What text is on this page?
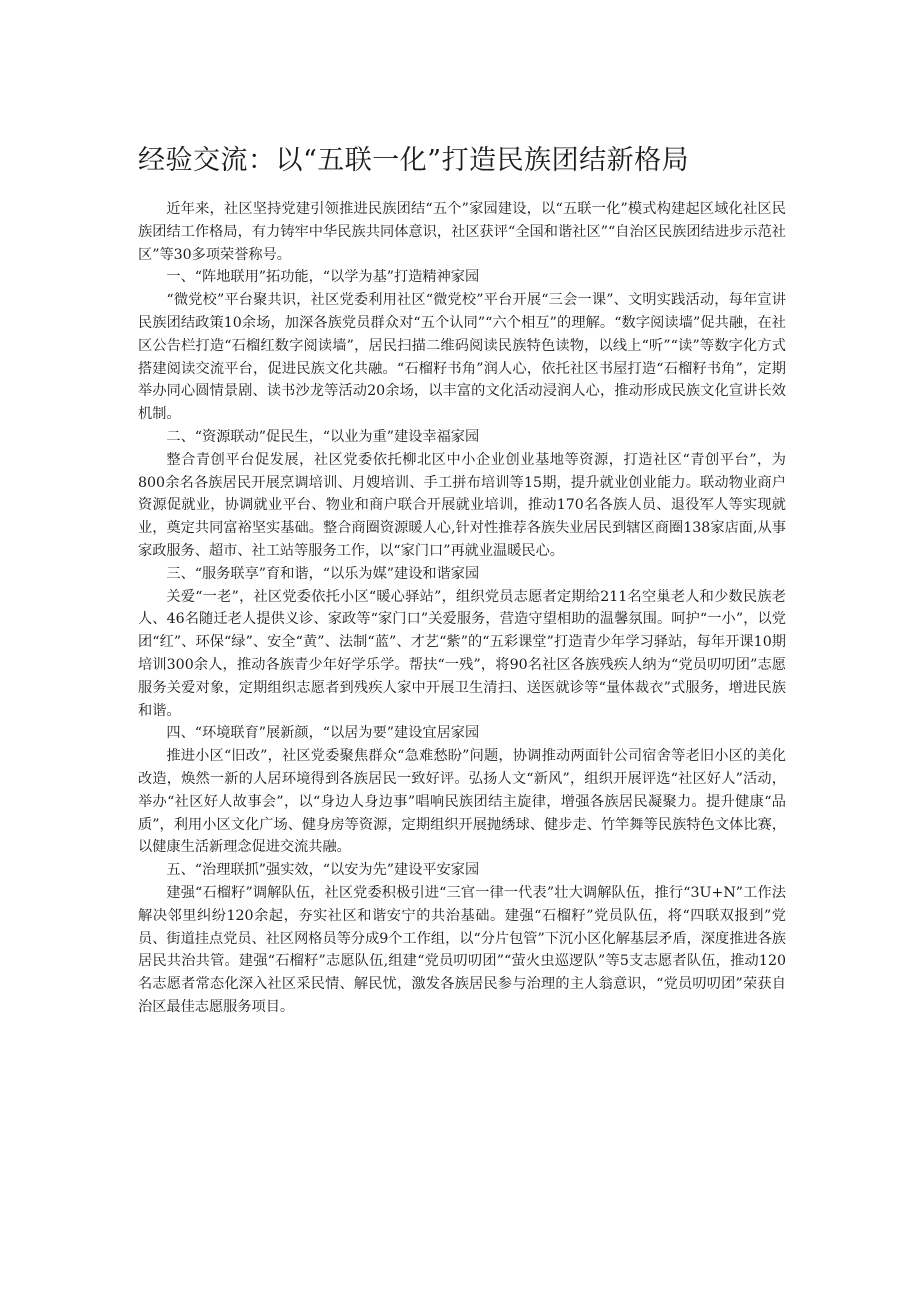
经验交流：以“五联一化”打造民族团结新格局

近年来，社区坚持党建引领推进民族团结“五个”家园建设，以“五联一化”模式构建起区域化社区民族团结工作格局，有力铸牢中华民族共同体意识，社区获评“全国和谐社区”“自治区民族团结进步示范社区”等30多项荣誉称号。

一、“阵地联用”拓功能，“以学为基”打造精神家园

“微党校”平台聚共识，社区党委利用社区“微党校”平台开展“三会一课”、文明实践活动，每年宣讲民族团结政策10余场，加深各族党员群众对“五个认同”“六个相互”的理解。“数字阅读墙”促共融，在社区公告栏打造“石榴红数字阅读墙”，居民扫描二维码阅读民族特色读物，以线上“听”“读”等数字化方式搭建阅读交流平台，促进民族文化共融。“石榴籽书角”润人心，依托社区书屋打造“石榴籽书角”，定期举办同心圆情景剧、读书沙龙等活动20余场，以丰富的文化活动浸润人心，推动形成民族文化宣讲长效机制。

二、“资源联动”促民生，“以业为重”建设幸福家园

整合青创平台促发展，社区党委依托柳北区中小企业创业基地等资源，打造社区“青创平台”，为800余名各族居民开展烹调培训、月嫂培训、手工拼布培训等15期，提升就业创业能力。联动物业商户资源促就业，协调就业平台、物业和商户联合开展就业培训，推动170名各族人员、退役军人等实现就业，奠定共同富裕坚实基础。整合商圈资源暖人心,针对性推荐各族失业居民到辖区商圈138家店面,从事家政服务、超市、社工站等服务工作，以“家门口”再就业温暖民心。

三、“服务联享”育和谐，“以乐为媒”建设和谐家园

关爱“一老”，社区党委依托小区“暖心驿站”，组织党员志愿者定期给211名空巢老人和少数民族老人、46名随迁老人提供义诊、家政等“家门口”关爱服务，营造守望相助的温馨氛围。呵护“一小”，以党团“红”、环保“绿”、安全“黄”、法制“蓝”、才艺“紫”的“五彩课堂”打造青少年学习驿站，每年开课10期培训300余人，推动各族青少年好学乐学。帮扶“一残”，将90名社区各族残疾人纳为“党员叨叨团”志愿服务关爱对象，定期组织志愿者到残疾人家中开展卫生清扫、送医就诊等“量体裁衣”式服务，增进民族和谐。

四、“环境联育”展新颜，“以居为要”建设宜居家园

推进小区“旧改”，社区党委聚焦群众“急难愁盼”问题，协调推动两面针公司宿舍等老旧小区的美化改造，焕然一新的人居环境得到各族居民一致好评。弘扬人文“新风”，组织开展评选“社区好人”活动，举办“社区好人故事会”，以“身边人身边事”唱响民族团结主旋律，增强各族居民凝聚力。提升健康“品质”，利用小区文化广场、健身房等资源，定期组织开展抛绣球、健步走、竹竿舞等民族特色文体比赛，以健康生活新理念促进交流共融。

五、“治理联抓”强实效，“以安为先”建设平安家园

建强“石榴籽”调解队伍，社区党委积极引进“三官一律一代表”壮大调解队伍，推行“3U+N”工作法解决邻里纠纷120余起，夯实社区和谐安宁的共治基础。建强“石榴籽”党员队伍，将“四联双报到”党员、街道挂点党员、社区网格员等分成9个工作组，以“分片包管”下沉小区化解基层矛盾，深度推进各族居民共治共管。建强“石榴籽”志愿队伍,组建“党员叨叨团”“萤火虫巡逻队”等5支志愿者队伍，推动120名志愿者常态化深入社区采民情、解民忧，激发各族居民参与治理的主人翁意识，“党员叨叨团”荣获自治区最佳志愿服务项目。
